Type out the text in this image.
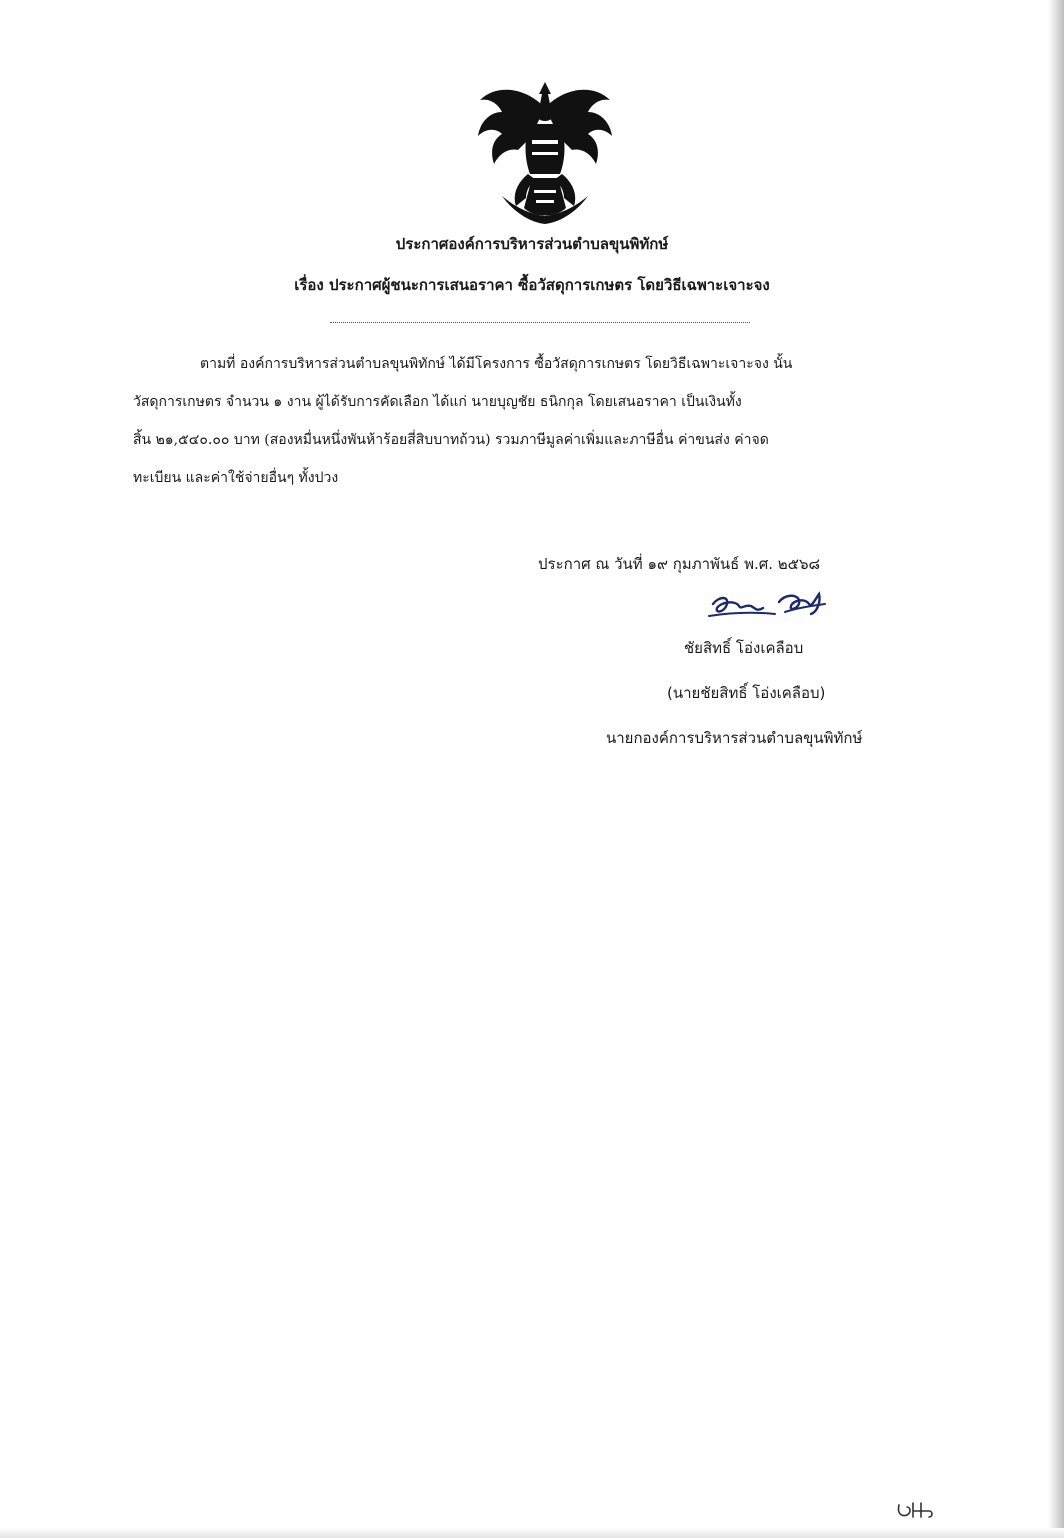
ประกาศองค์การบริหารส่วนตำบลขุนพิทักษ์
เรื่อง ประกาศผู้ชนะการเสนอราคา ซื้อวัสดุการเกษตร โดยวิธีเฉพาะเจาะจง
ตามที่ องค์การบริหารส่วนตำบลขุนพิทักษ์ ได้มีโครงการ ซื้อวัสดุการเกษตร โดยวิธีเฉพาะเจาะจง นั้น
วัสดุการเกษตร จำนวน ๑ งาน ผู้ได้รับการคัดเลือก ได้แก่ นายบุญชัย ธนิกกุล โดยเสนอราคา เป็นเงินทั้ง
สิ้น ๒๑,๕๔๐.๐๐ บาท (สองหมื่นหนึ่งพันห้าร้อยสี่สิบบาทถ้วน) รวมภาษีมูลค่าเพิ่มและภาษีอื่น ค่าขนส่ง ค่าจด
ทะเบียน และค่าใช้จ่ายอื่นๆ ทั้งปวง
ประกาศ ณ วันที่ ๑๙ กุมภาพันธ์ พ.ศ. ๒๕๖๘
ชัยสิทธิ์ โอ่งเคลือบ
(นายชัยสิทธิ์ โอ่งเคลือบ)
นายกองค์การบริหารส่วนตำบลขุนพิทักษ์
